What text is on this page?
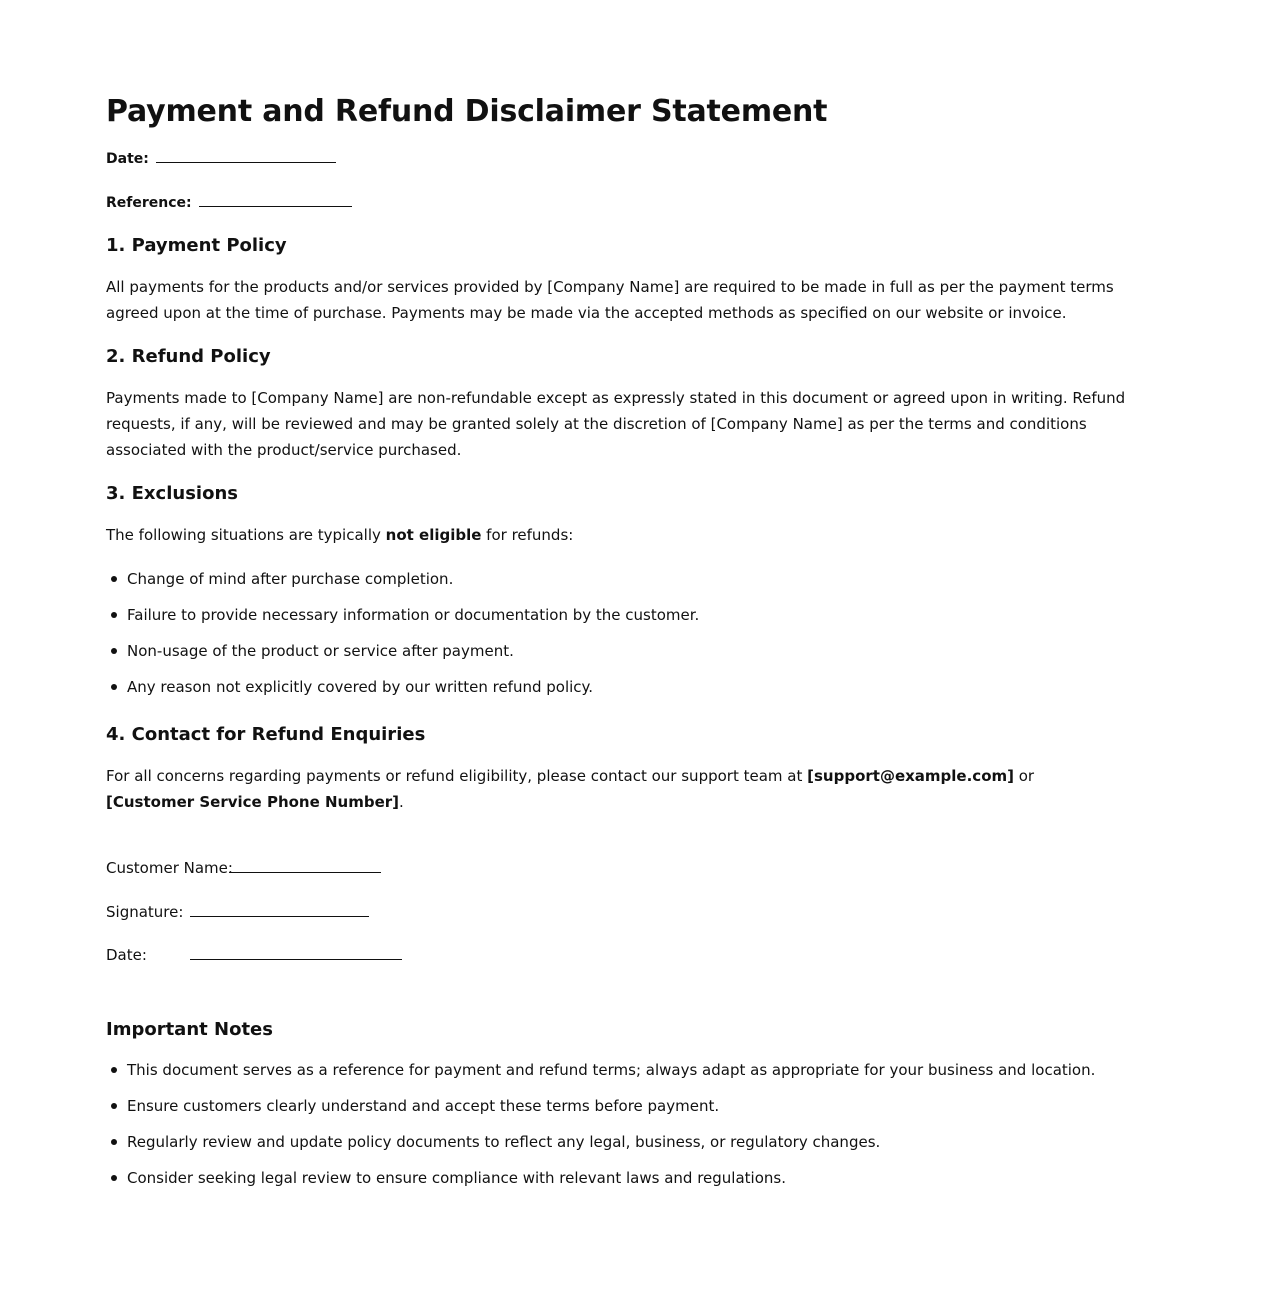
Payment and Refund Disclaimer Statement
Date:
Reference:
1. Payment Policy

All payments for the products and/or services provided by [Company Name] are required to be made in full as per the payment terms agreed upon at the time of purchase. Payments may be made via the accepted methods as specified on our website or invoice.

2. Refund Policy

Payments made to [Company Name] are non-refundable except as expressly stated in this document or agreed upon in writing. Refund requests, if any, will be reviewed and may be granted solely at the discretion of [Company Name] as per the terms and conditions associated with the product/service purchased.

3. Exclusions

The following situations are typically not eligible for refunds:

Change of mind after purchase completion.
Failure to provide necessary information or documentation by the customer.
Non-usage of the product or service after payment.
Any reason not explicitly covered by our written refund policy.
4. Contact for Refund Enquiries

For all concerns regarding payments or refund eligibility, please contact our support team at [support@example.com] or [Customer Service Phone Number].

Customer Name:
Signature:
Date:
Important Notes
This document serves as a reference for payment and refund terms; always adapt as appropriate for your business and location.
Ensure customers clearly understand and accept these terms before payment.
Regularly review and update policy documents to reflect any legal, business, or regulatory changes.
Consider seeking legal review to ensure compliance with relevant laws and regulations.
